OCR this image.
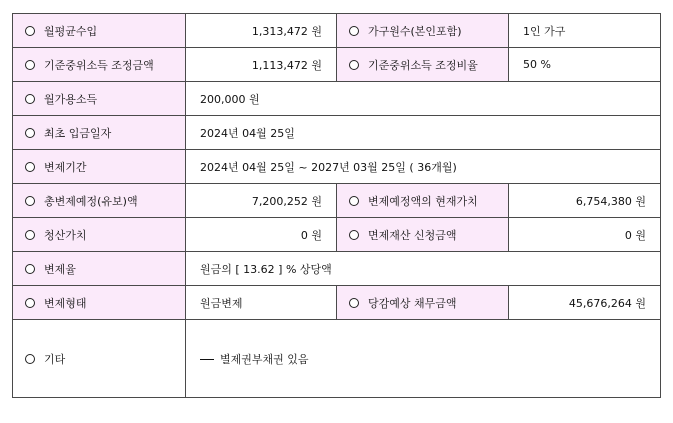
월평균수입	1,313,472 원	가구원수(본인포함)	1인 가구

기준중위소득 조정금액	1,113,472 원	기준중위소득 조정비율	50 %

월가용소득	200,000 원		

최초 입금일자	2024년 04월 25일		

변제기간	2024년 04월 25일 ~ 2027년 03월 25일 ( 36개월)		

총변제예정(유보)액	7,200,252 원	변제예정액의 현재가치	6,754,380 원

청산가치	0 원	면제재산 신청금액	0 원

변제율	원금의 [ 13.62 ] % 상당액		

변제형태	원금변제	당감예상 채무금액	45,676,264 원

기타	별제권부채권 있음		
